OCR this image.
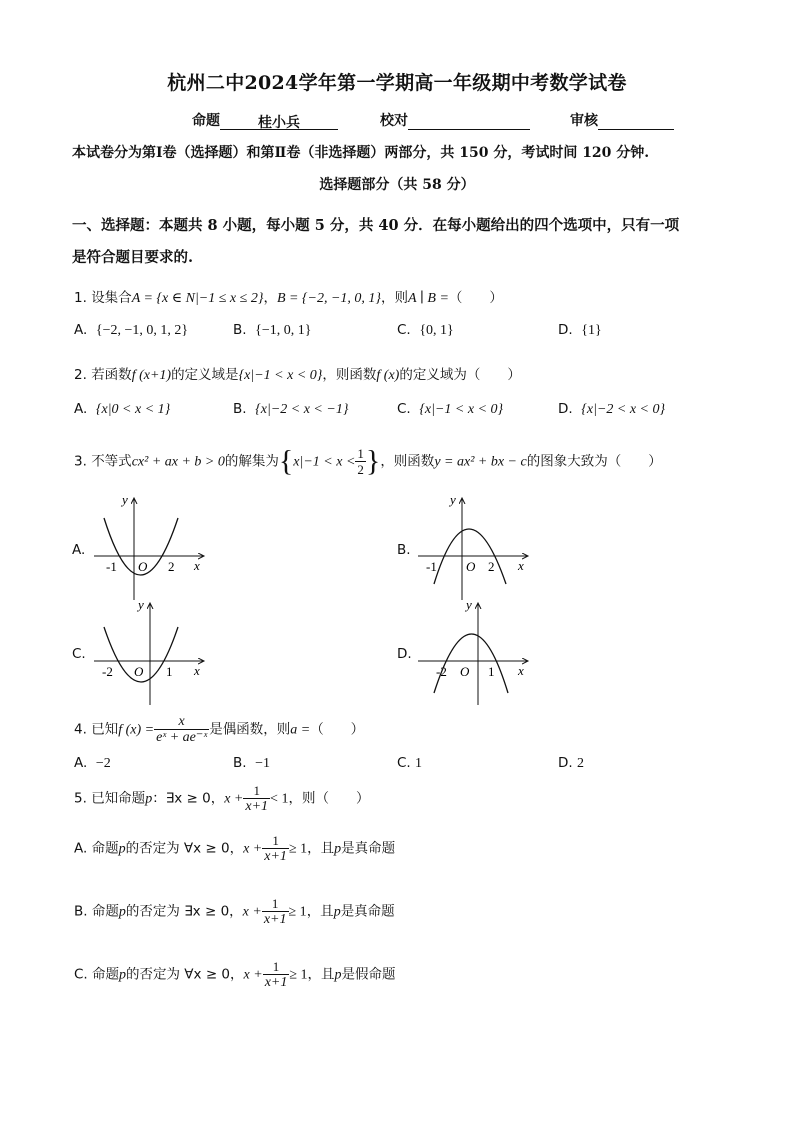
杭州二中2024学年第一学期高一年级期中考数学试卷
命题	桂小兵	校对	审核
本试卷分为第Ⅰ卷（选择题）和第Ⅱ卷（非选择题）两部分，共 150 分，考试时间 120 分钟.
选择题部分（共 58 分）
一、选择题：本题共 8 小题，每小题 5 分，共 40 分．在每小题给出的四个选项中，只有一项
是符合题目要求的.
1. 设集合A = {x ∈ N|−1 ≤ x ≤ 2}，B = {−2, −1, 0, 1}，则A ∣ B =（　　）
A. {−2, −1, 0, 1, 2}	B. {−1, 0, 1}	C. {0, 1}	D. {1}
2. 若函数f (x+1)的定义域是{x|−1 < x < 0}，则函数f (x)的定义域为（　　）
A. {x|0 < x < 1}	B. {x|−2 < x < −1}	C. {x|−1 < x < 0}	D. {x|−2 < x < 0}
3. 不等式cx² + ax + b > 0的解集为{$x|-1 < x < \frac{1}{2}$ }，则函数y = ax² + bx − c的图象大致为（　　）
A.	B.
C.	D.
y
x
-1 O 2
y
x
-1 O 2
y
x
-2 O 1
y
x
-2 O 1
4. 已知f $(x) = \frac{x}{\text{eˣ + ae⁻ˣ}}$ 是偶函数，则a =（　　）
A. −2	B. −1	C. 1	D. 2
5. 已知命题p：∃x ≥ 0，$x + \frac{1}{x+1} < 1$，则（　　）
A. 命题p的否定为 ∀x ≥ 0，$x + \frac{1}{x+1} \ge 1$，且p是真命题
B. 命题p的否定为 ∃x ≥ 0，$x + \frac{1}{x+1} \ge 1$，且p是真命题
C. 命题p的否定为 ∀x ≥ 0，$x + \frac{1}{x+1} \ge 1$，且p是假命题
